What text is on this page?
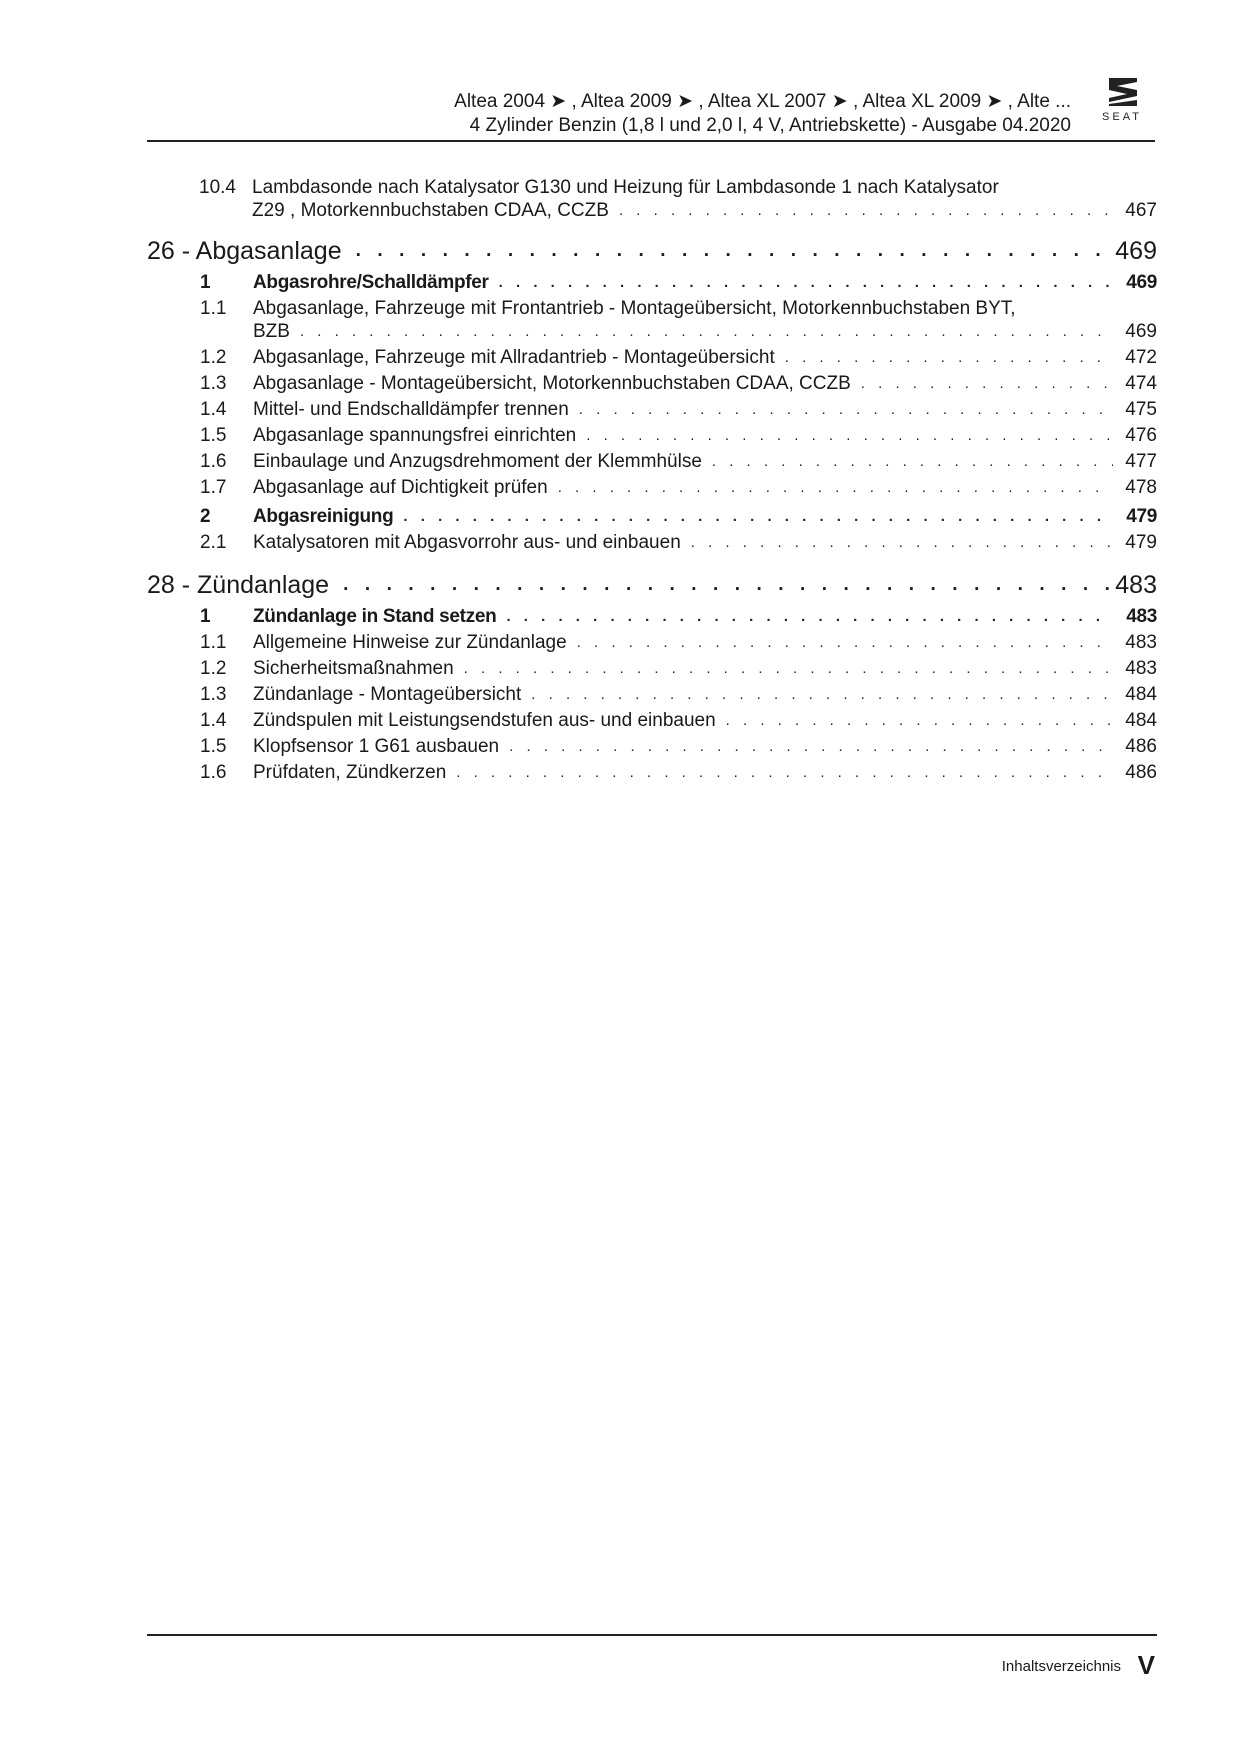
Altea 2004 ➤ , Altea 2009 ➤ , Altea XL 2007 ➤ , Altea XL 2009 ➤ , Alte ...
4 Zylinder Benzin (1,8 l und 2,0 l, 4 V, Antriebskette) - Ausgabe 04.2020	SEAT
10.4 Lambdasonde nach Katalysator G130 und Heizung für Lambdasonde 1 nach Katalysator
Z29 , Motorkennbuchstaben CDAA, CCZB . . .	467
26 - Abgasanlage . . .	469
1	Abgasrohre/Schalldämpfer . . .	469
1.1	Abgasanlage, Fahrzeuge mit Frontantrieb - Montageübersicht, Motorkennbuchstaben BYT,
BZB . . .	469
1.2	Abgasanlage, Fahrzeuge mit Allradantrieb - Montageübersicht . . .	472
1.3	Abgasanlage - Montageübersicht, Motorkennbuchstaben CDAA, CCZB . . .	474
1.4	Mittel- und Endschalldämpfer trennen . . .	475
1.5	Abgasanlage spannungsfrei einrichten . . .	476
1.6	Einbaulage und Anzugsdrehmoment der Klemmhülse . . .	477
1.7	Abgasanlage auf Dichtigkeit prüfen . . .	478
2	Abgasreinigung . . .	479
2.1	Katalysatoren mit Abgasvorrohr aus- und einbauen . . .	479
28 - Zündanlage . . .	483
1	Zündanlage in Stand setzen . . .	483
1.1	Allgemeine Hinweise zur Zündanlage . . .	483
1.2	Sicherheitsmaßnahmen . . .	483
1.3	Zündanlage - Montageübersicht . . .	484
1.4	Zündspulen mit Leistungsendstufen aus- und einbauen . . .	484
1.5	Klopfsensor 1 G61 ausbauen . . .	486
1.6	Prüfdaten, Zündkerzen . . .	486
Inhaltsverzeichnis V
